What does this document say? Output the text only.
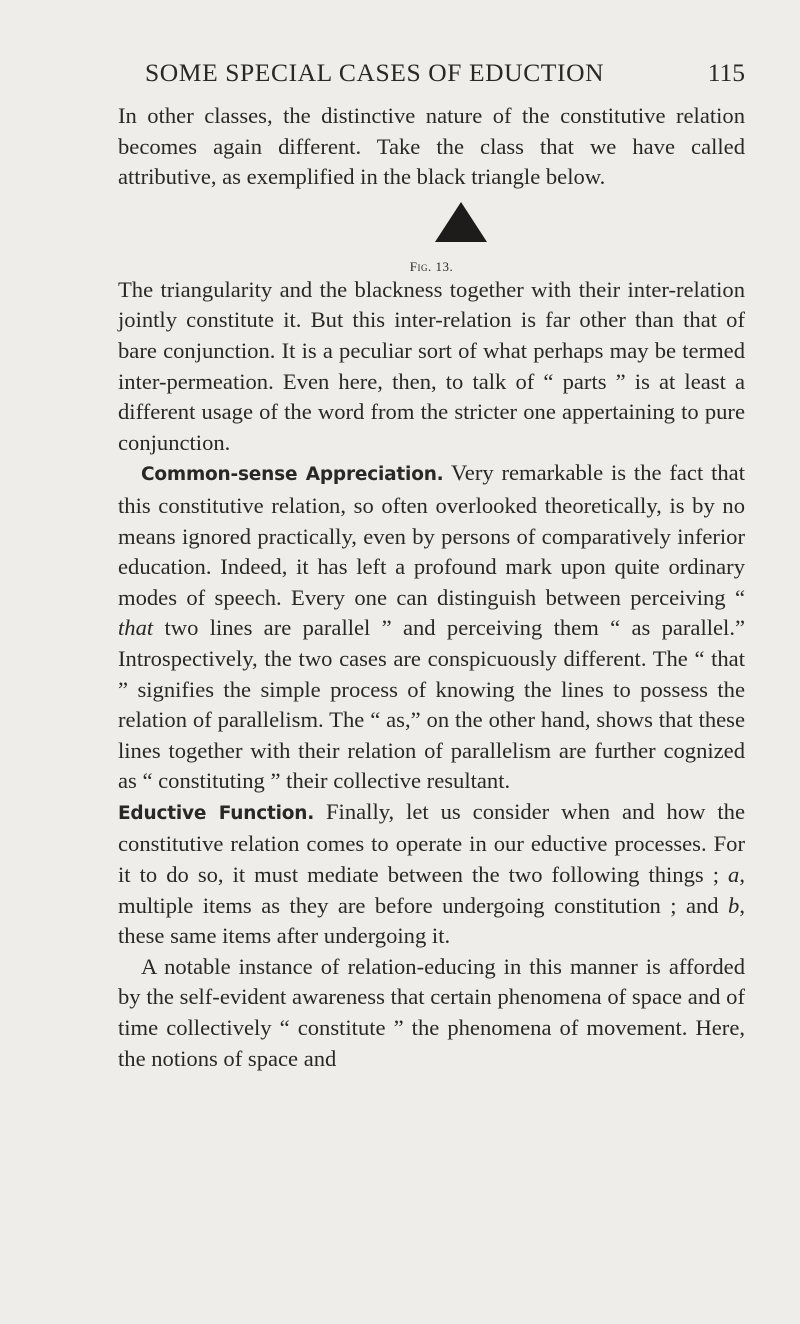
SOME SPECIAL CASES OF EDUCTION	115

In other classes, the distinctive nature of the constitutive relation becomes again different. Take the class that we have called attributive, as exemplified in the black triangle below.

Fig. 13.

The triangularity and the blackness together with their inter-relation jointly constitute it. But this inter-relation is far other than that of bare conjunction. It is a peculiar sort of what perhaps may be termed inter-permeation. Even here, then, to talk of “ parts ” is at least a different usage of the word from the stricter one appertaining to pure conjunction.

Common-sense Appreciation. Very remarkable is the fact that this constitutive relation, so often overlooked theoretically, is by no means ignored practically, even by persons of comparatively inferior education. Indeed, it has left a profound mark upon quite ordinary modes of speech. Every one can distinguish between perceiving “ that two lines are parallel ” and perceiving them “ as parallel.” Introspectively, the two cases are conspicuously different. The “ that ” signifies the simple process of knowing the lines to possess the relation of parallelism. The “ as,” on the other hand, shows that these lines together with their relation of parallelism are further cognized as “ constituting ” their collective resultant.

Eductive Function. Finally, let us consider when and how the constitutive relation comes to operate in our eductive processes. For it to do so, it must mediate between the two following things ; a, multiple items as they are before undergoing constitution ; and b, these same items after undergoing it.

A notable instance of relation-educing in this manner is afforded by the self-evident awareness that certain phenomena of space and of time collectively “ constitute ” the phenomena of movement. Here, the notions of space and
